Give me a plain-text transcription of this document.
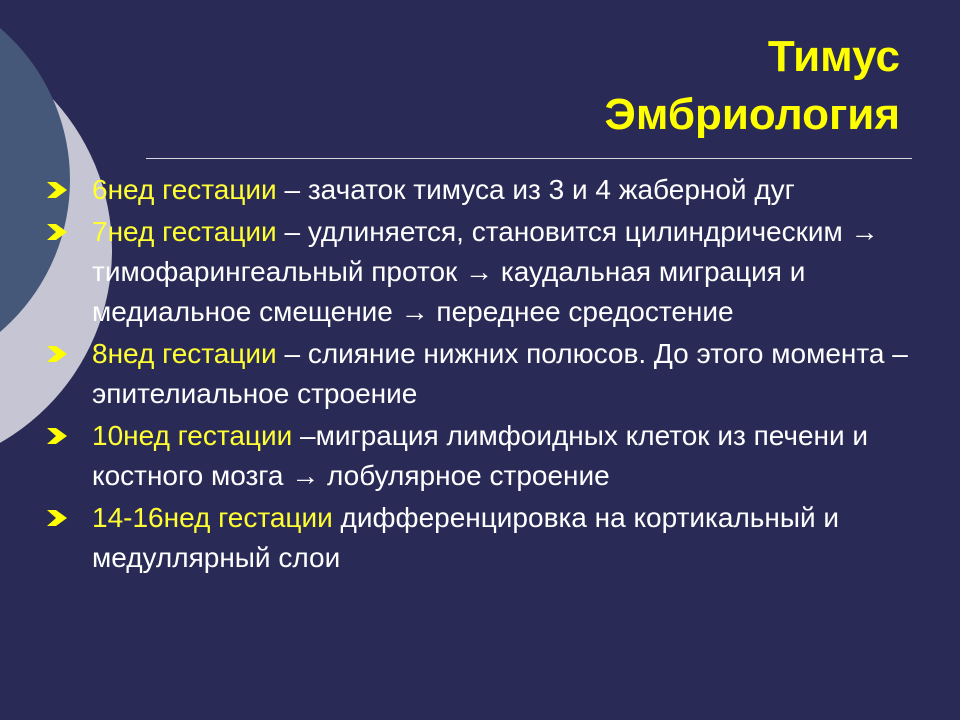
Тимус
Эмбриология
6нед гестации – зачаток тимуса из 3 и 4 жаберной дуг
7нед гестации – удлиняется, становится цилиндрическим → тимофарингеальный проток → каудальная миграция и медиальное смещение → переднее средостение
8нед гестации – слияние нижних полюсов. До этого момента – эпителиальное строение
10нед гестации –миграция лимфоидных клеток из печени и костного мозга → лобулярное строение
14-16нед гестации дифференцировка на кортикальный и медуллярный слои
